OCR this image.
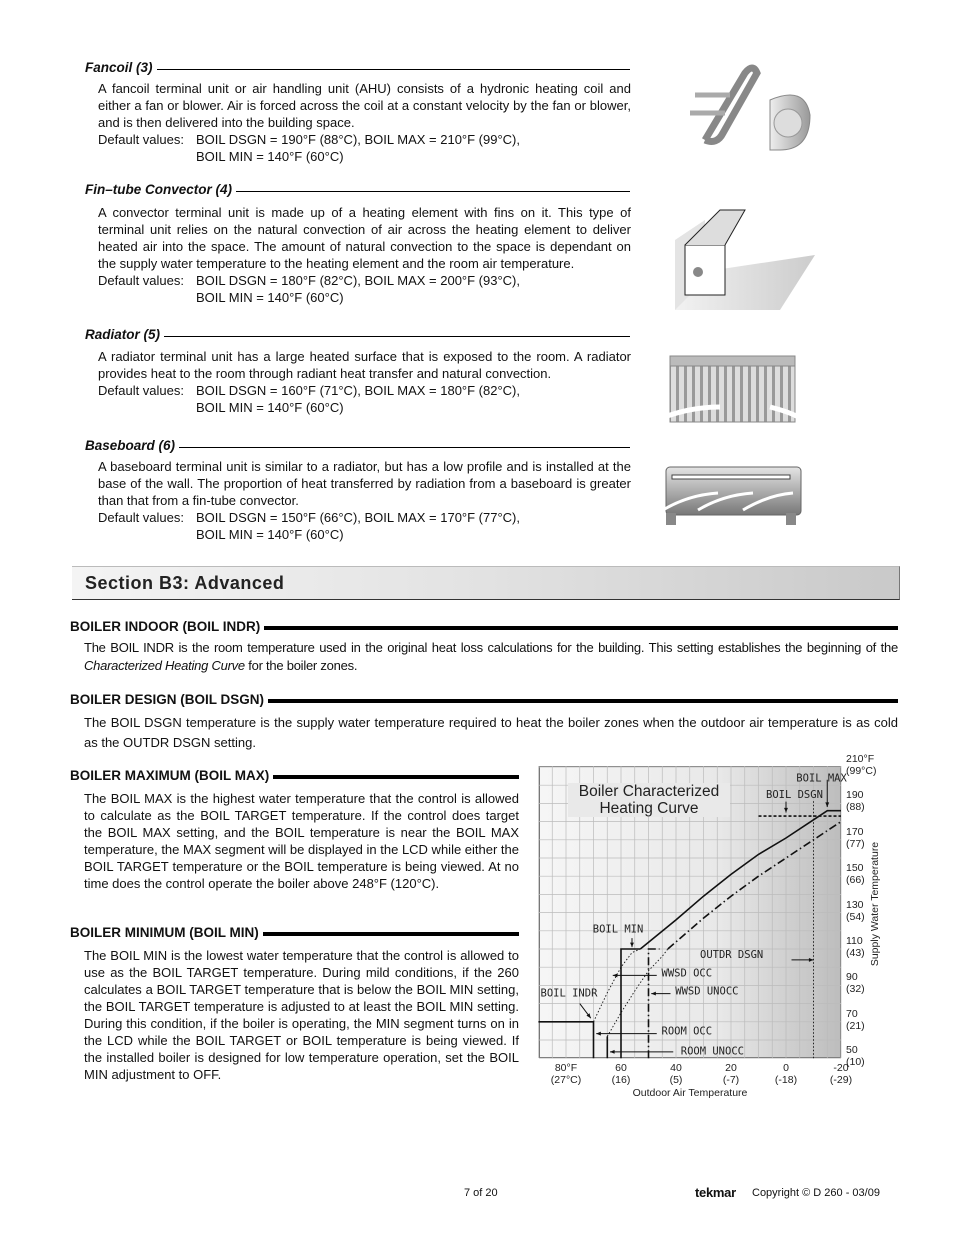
Fancoil (3)
A fancoil terminal unit or air handling unit (AHU) consists of a hydronic heating coil and either a fan or blower. Air is forced across the coil at a constant velocity by the fan or blower, and is then delivered into the building space.
Default values: BOIL DSGN = 190°F (88°C), BOIL MAX = 210°F (99°C),
BOIL MIN = 140°F (60°C)
Fin–tube Convector (4)
A convector terminal unit is made up of a heating element with fins on it. This type of terminal unit relies on the natural convection of air across the heating element to deliver heated air into the space. The amount of natural convection to the space is dependant on the supply water temperature to the heating element and the room air temperature.
Default values: BOIL DSGN = 180°F (82°C), BOIL MAX = 200°F (93°C),
BOIL MIN = 140°F (60°C)
Radiator (5)
A radiator terminal unit has a large heated surface that is exposed to the room. A radiator provides heat to the room through radiant heat transfer and natural convection.
Default values: BOIL DSGN = 160°F (71°C), BOIL MAX = 180°F (82°C),
BOIL MIN = 140°F (60°C)
Baseboard (6)
A baseboard terminal unit is similar to a radiator, but has a low profile and is installed at the base of the wall. The proportion of heat transferred by radiation from a baseboard is greater than that from a fin-tube convector.
Default values: BOIL DSGN = 150°F (66°C), BOIL MAX = 170°F (77°C),
BOIL MIN = 140°F (60°C)
Section B3: Advanced
BOILER INDOOR (BOIL INDR)
The BOIL INDR is the room temperature used in the original heat loss calculations for the building. This setting establishes the beginning of the Characterized Heating Curve for the boiler zones.
BOILER DESIGN (BOIL DSGN)
The BOIL DSGN temperature is the supply water temperature required to heat the boiler zones when the outdoor air temperature is as cold as the OUTDR DSGN setting.
BOILER MAXIMUM (BOIL MAX)
The BOIL MAX is the highest water temperature that the control is allowed to calculate as the BOIL TARGET temperature. If the control does target the BOIL MAX setting, and the BOIL temperature is near the BOIL MAX temperature, the MAX segment will be displayed in the LCD while either the BOIL TARGET temperature or the BOIL temperature is being viewed. At no time does the control operate the boiler above 248°F (120°C).
BOILER MINIMUM (BOIL MIN)
The BOIL MIN is the lowest water temperature that the control is allowed to use as the BOIL TARGET temperature. During mild conditions, if the 260 calculates a BOIL TARGET temperature that is below the BOIL MIN setting, the BOIL TARGET temperature is adjusted to at least the BOIL MIN setting. During this condition, if the boiler is operating, the MIN segment turns on in the LCD while the BOIL TARGET or BOIL temperature is being viewed. If the installed boiler is designed for low temperature operation, set the BOIL MIN adjustment to OFF.
BOIL MAX
BOIL DSGN
BOIL MIN
OUTDR DSGN
WWSD OCC
WWSD UNOCC
BOIL INDR
ROOM OCC
ROOM UNOCC
Boiler Characterized Heating Curve
80°F
(27°C)
60
(16)
40
(5)
20
(-7)
0
(-18)
-20
(-29)
210°F
(99°C)
190
(88)
170
(77)
150
(66)
130
(54)
110
(43)
90
(32)
70
(21)
50
(10)
Outdoor Air Temperature
Supply Water Temperature
7 of 20	tekmar Copyright © D 260 - 03/09
